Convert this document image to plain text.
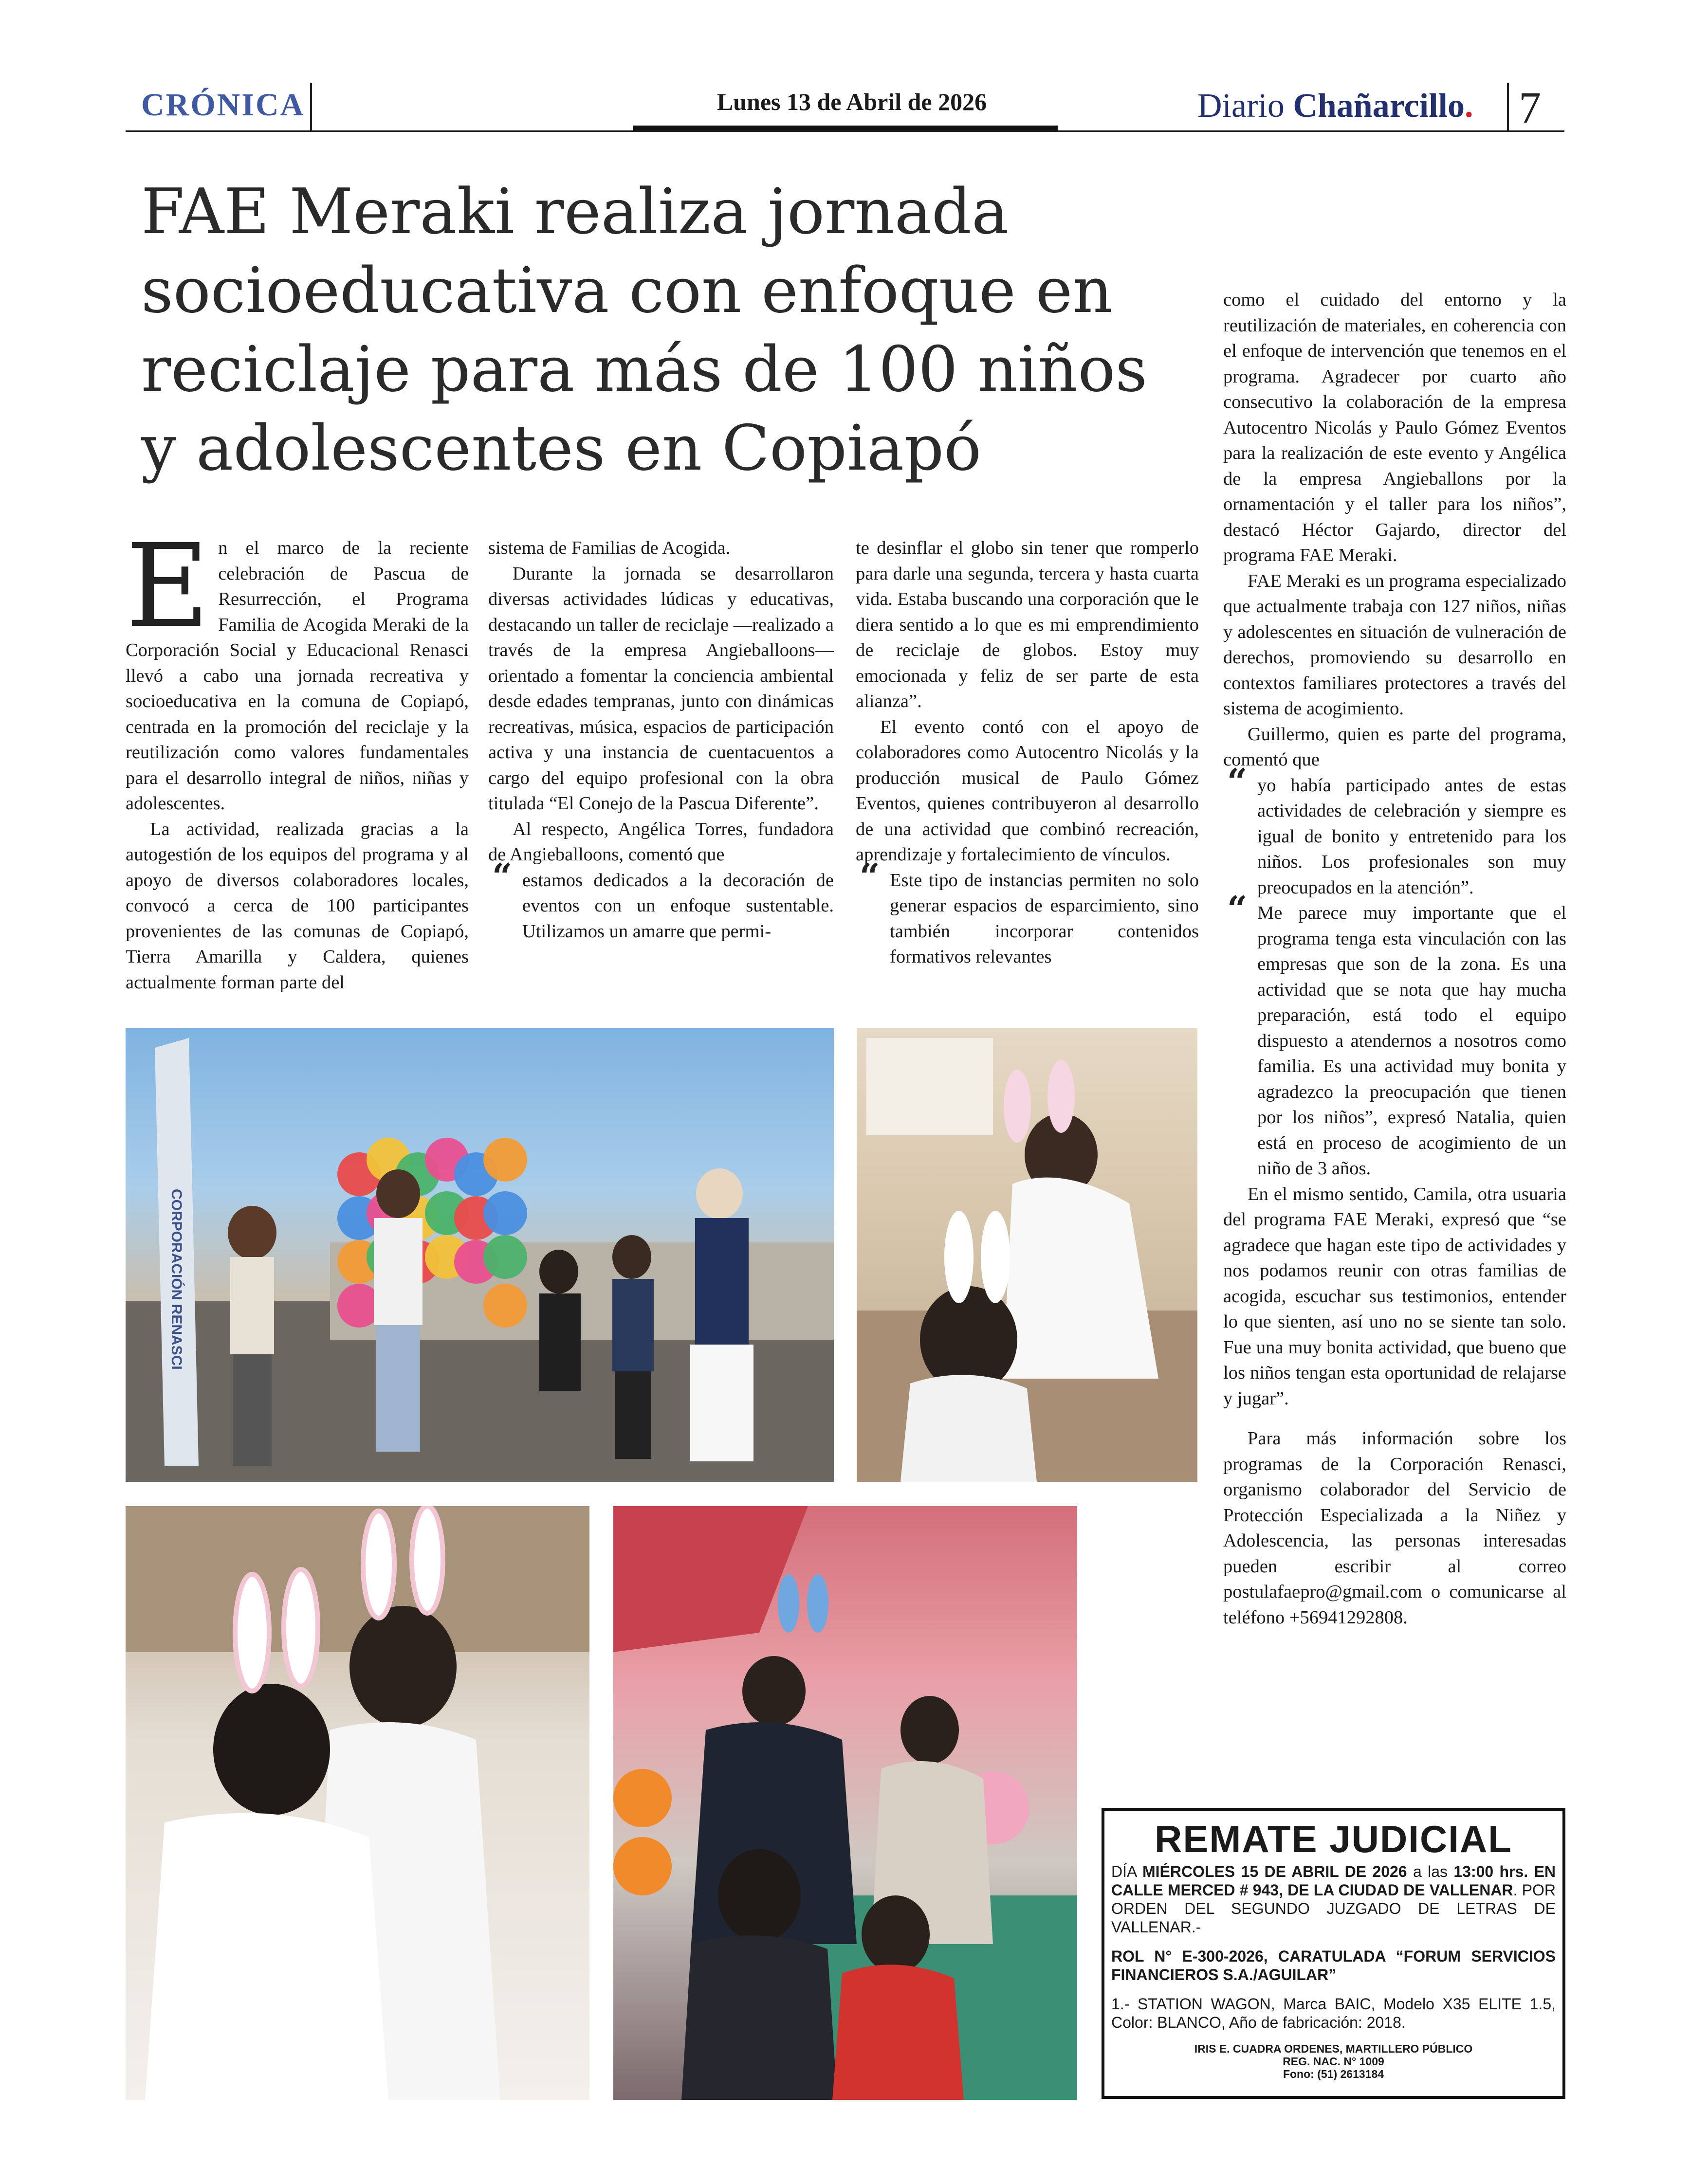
CRÓNICA	Lunes 13 de Abril de 2026	Diario Chañarcillo. 7
FAE Meraki realiza jornada socioeducativa con enfoque en reciclaje para más de 100 niños y adolescentes en Copiapó

En el marco de la reciente celebración de Pascua de Resurrección, el Programa Familia de Acogida Meraki de la Corporación Social y Educacional Renasci llevó a cabo una jornada recreativa y socioeducativa en la comuna de Copiapó, centrada en la promoción del reciclaje y la reutilización como valores fundamentales para el desarrollo integral de niños, niñas y adolescentes.

La actividad, realizada gracias a la autogestión de los equipos del programa y al apoyo de diversos colaboradores locales, convocó a cerca de 100 participantes provenientes de las comunas de Copiapó, Tierra Amarilla y Caldera, quienes actualmente forman parte del

sistema de Familias de Acogida.

Durante la jornada se desarrollaron diversas actividades lúdicas y educativas, destacando un taller de reciclaje —realizado a través de la empresa Angieballoons— orientado a fomentar la conciencia ambiental desde edades tempranas, junto con dinámicas recreativas, música, espacios de participación activa y una instancia de cuentacuentos a cargo del equipo profesional con la obra titulada “El Conejo de la Pascua Diferente”.

Al respecto, Angélica Torres, fundadora de Angieballoons, comentó que

“ estamos dedicados a la decoración de eventos con un enfoque sustentable. Utilizamos un amarre que permi-

te desinflar el globo sin tener que romperlo para darle una segunda, tercera y hasta cuarta vida. Estaba buscando una corporación que le diera sentido a lo que es mi emprendimiento de reciclaje de globos. Estoy muy emocionada y feliz de ser parte de esta alianza”.

El evento contó con el apoyo de colaboradores como Autocentro Nicolás y la producción musical de Paulo Gómez Eventos, quienes contribuyeron al desarrollo de una actividad que combinó recreación, aprendizaje y fortalecimiento de vínculos.

“ Este tipo de instancias permiten no solo generar espacios de esparcimiento, sino también incorporar contenidos formativos relevantes

como el cuidado del entorno y la reutilización de materiales, en coherencia con el enfoque de intervención que tenemos en el programa. Agradecer por cuarto año consecutivo la colaboración de la empresa Autocentro Nicolás y Paulo Gómez Eventos para la realización de este evento y Angélica de la empresa Angieballons por la ornamentación y el taller para los niños”, destacó Héctor Gajardo, director del programa FAE Meraki.

FAE Meraki es un programa especializado que actualmente trabaja con 127 niños, niñas y adolescentes en situación de vulneración de derechos, promoviendo su desarrollo en contextos familiares protectores a través del sistema de acogimiento.

Guillermo, quien es parte del programa, comentó que

“ yo había participado antes de estas actividades de celebración y siempre es igual de bonito y entretenido para los niños. Los profesionales son muy preocupados en la atención”.

“ Me parece muy importante que el programa tenga esta vinculación con las empresas que son de la zona. Es una actividad que se nota que hay mucha preparación, está todo el equipo dispuesto a atendernos a nosotros como familia. Es una actividad muy bonita y agradezco la preocupación que tienen por los niños”, expresó Natalia, quien está en proceso de acogimiento de un niño de 3 años.

En el mismo sentido, Camila, otra usuaria del programa FAE Meraki, expresó que “se agradece que hagan este tipo de actividades y nos podamos reunir con otras familias de acogida, escuchar sus testimonios, entender lo que sienten, así uno no se siente tan solo. Fue una muy bonita actividad, que bueno que los niños tengan esta oportunidad de relajarse y jugar”.

Para más información sobre los programas de la Corporación Renasci, organismo colaborador del Servicio de Protección Especializada a la Niñez y Adolescencia, las personas interesadas pueden escribir al correo postulafaepro@gmail.com o comunicarse al teléfono +56941292808.

CORPORACIÓN RENASCI
REMATE JUDICIAL

DÍA MIÉRCOLES 15 DE ABRIL DE 2026 a las 13:00 hrs. EN CALLE MERCED # 943, DE LA CIUDAD DE VALLENAR. POR ORDEN DEL SEGUNDO JUZGADO DE LETRAS DE VALLENAR.-

ROL N° E-300-2026, CARATULADA “FORUM SERVICIOS FINANCIEROS S.A./AGUILAR”

1.- STATION WAGON, Marca BAIC, Modelo X35 ELITE 1.5, Color: BLANCO, Año de fabricación: 2018.

IRIS E. CUADRA ORDENES, MARTILLERO PÚBLICO

REG. NAC. N° 1009

Fono: (51) 2613184
